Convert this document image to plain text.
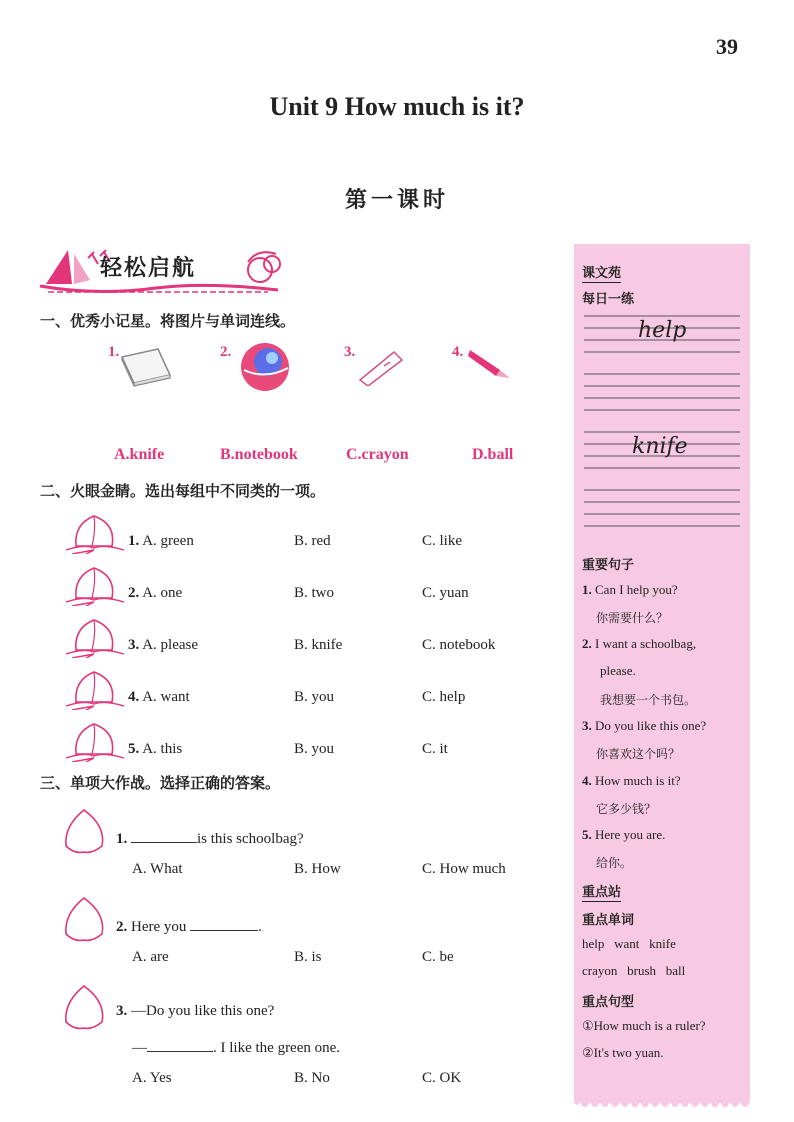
39
Unit 9 How much is it?
第一课时
轻松启航
一、优秀小记星。将图片与单词连线。
1.	2.	3.	4.
A.knife	B.notebook	C.crayon	D.ball
二、火眼金睛。选出每组中不同类的一项。
1. A. green	B. red	C. like
2. A. one	B. two	C. yuan
3. A. please	B. knife	C. notebook
4. A. want	B. you	C. help
5. A. this	B. you	C. it
三、单项大作战。选择正确的答案。
1.	is this schoolbag?
A. What	B. How	C. How much
2. Here you	.
A. are	B. is	C. be
3. —Do you like this one?
—	. I like the green one.
A. Yes	B. No	C. OK
课文苑
每日一练
help
knife
重要句子
1. Can I help you?
你需要什么？
2. I want a schoolbag,
please.
我想要一个书包。
3. Do you like this one?
你喜欢这个吗？
4. How much is it?
它多少钱？
5. Here you are.
给你。
重点站
重点单词
help   want   knife
crayon   brush   ball
重点句型
①How much is a ruler?
②It's two yuan.
